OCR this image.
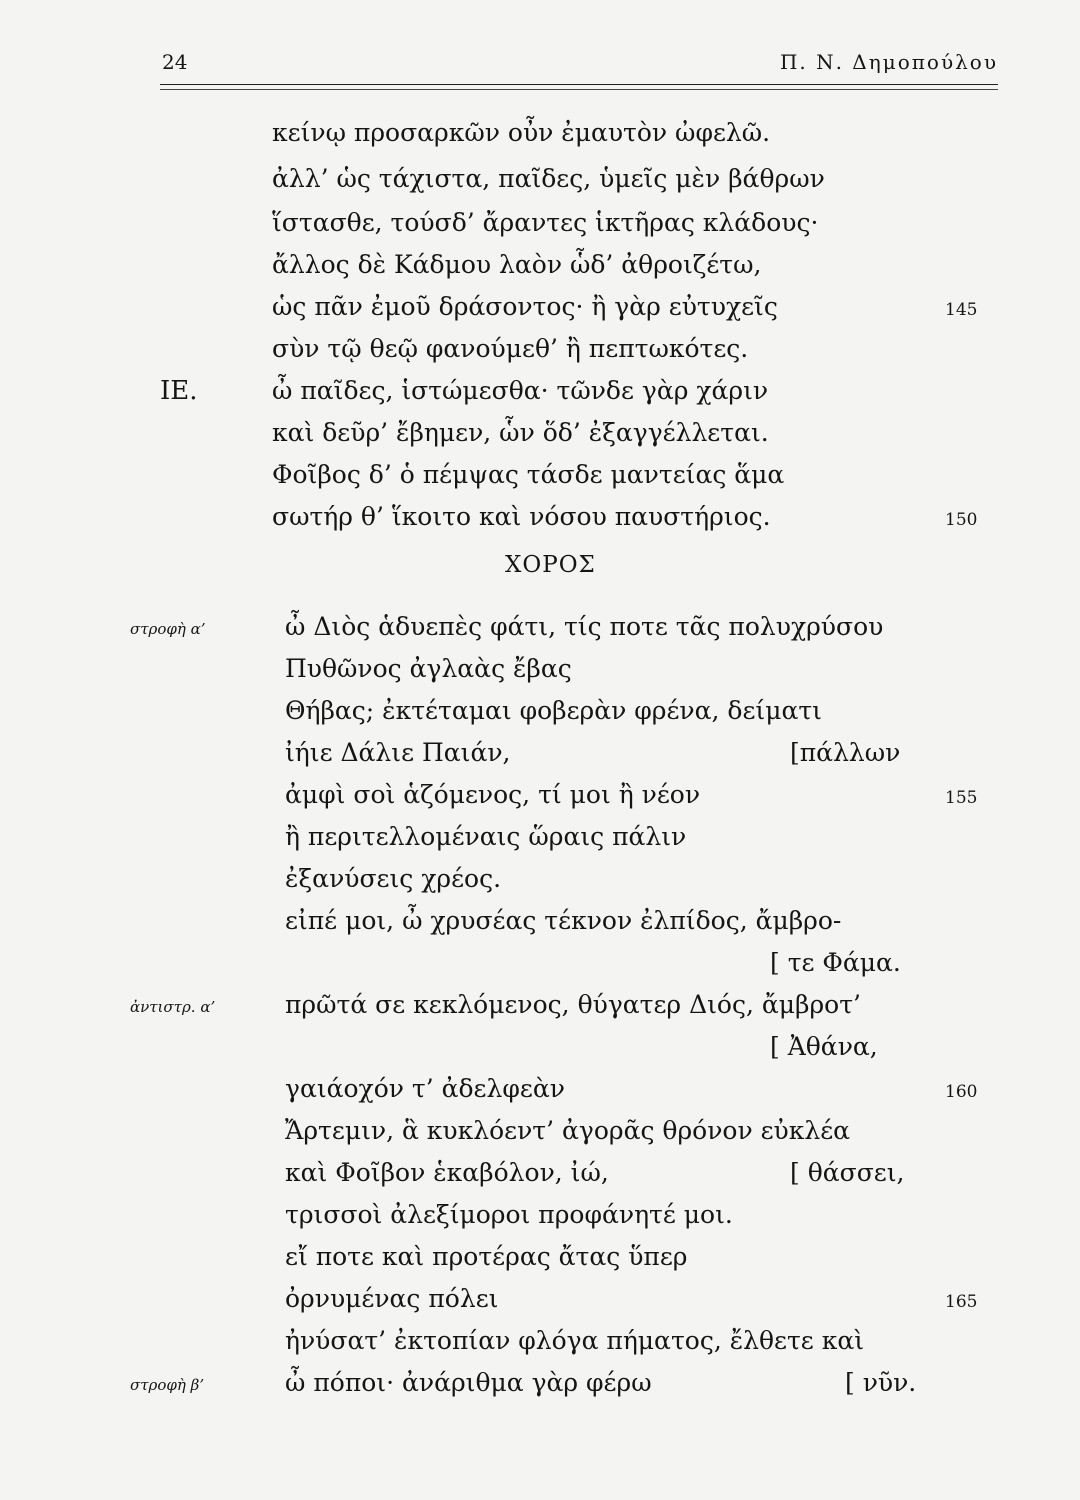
24	Π. Ν. Δημοπούλου
κείνῳ προσαρκῶν οὖν ἐμαυτὸν ὠφελῶ.
ἀλλ’ ὡς τάχιστα, παῖδες, ὑμεῖς μὲν βάθρων
ἵστασθε, τούσδ’ ἄραντες ἱκτῆρας κλάδους·
ἄλλος δὲ Κάδμου λαὸν ὧδ’ ἀθροιζέτω,
ὡς πᾶν ἐμοῦ δράσοντος· ἢ γὰρ εὐτυχεῖς	145
σὺν τῷ θεῷ φανούμεθ’ ἢ πεπτωκότες.
ΙΕ.	ὦ παῖδες, ἱστώμεσθα· τῶνδε γὰρ χάριν
καὶ δεῦρ’ ἔβημεν, ὧν ὅδ’ ἐξαγγέλλεται.
Φοῖβος δ’ ὁ πέμψας τάσδε μαντείας ἅμα
σωτήρ θ’ ἵκοιτο καὶ νόσου παυστήριος.	150
ΧΟΡΟΣ
στροφὴ α’	ὦ Διὸς ἁδυεπὲς φάτι, τίς ποτε τᾶς πολυχρύσου
Πυθῶνος ἀγλαὰς ἔβας
Θήβας; ἐκτέταμαι φοβερὰν φρένα, δείματι
ἰήιε Δάλιε Παιάν,	[πάλλων
ἀμφὶ σοὶ ἁζόμενος, τί μοι ἢ νέον	155
ἢ περιτελλομέναις ὥραις πάλιν
ἐξανύσεις χρέος.
εἰπέ μοι, ὦ χρυσέας τέκνον ἐλπίδος, ἄμβρο-
[ τε Φάμα.
ἀντιστρ. α’	πρῶτά σε κεκλόμενος, θύγατερ Διός, ἄμβροτ’
[ Ἀθάνα,
γαιάοχόν τ’ ἀδελφεὰν	160
Ἄρτεμιν, ἃ κυκλόεντ’ ἀγορᾶς θρόνον εὐκλέα
καὶ Φοῖβον ἑκαβόλον, ἰώ,	[ θάσσει,
τρισσοὶ ἀλεξίμοροι προφάνητέ μοι.
εἴ ποτε καὶ προτέρας ἄτας ὕπερ
ὀρνυμένας πόλει	165
ἠνύσατ’ ἐκτοπίαν φλόγα πήματος, ἔλθετε καὶ
στροφὴ β’	ὦ πόποι· ἀνάριθμα γὰρ φέρω	[ νῦν.
